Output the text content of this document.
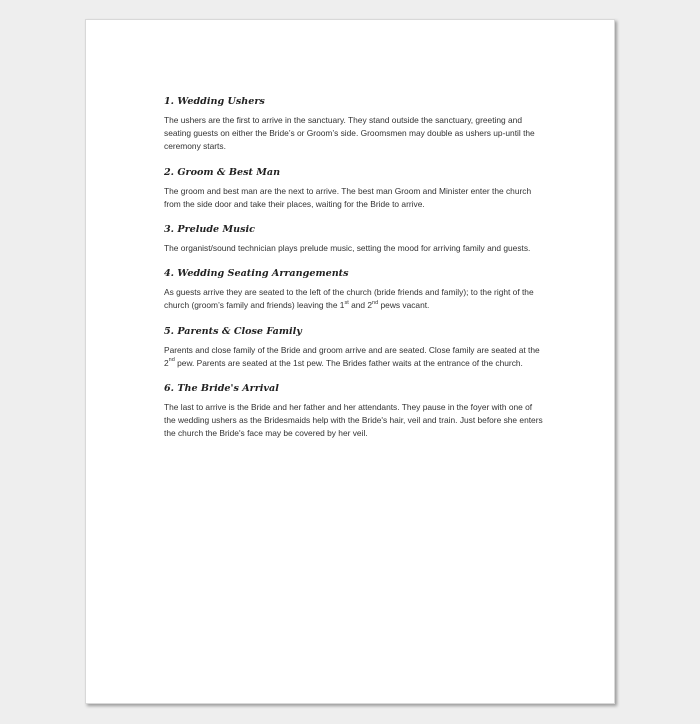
1. Wedding Ushers

The ushers are the first to arrive in the sanctuary. They stand outside the sanctuary, greeting and seating guests on either the Bride’s or Groom’s side. Groomsmen may double as ushers up-until the ceremony starts.

2. Groom & Best Man

The groom and best man are the next to arrive. The best man Groom and Minister enter the church from the side door and take their places, waiting for the Bride to arrive.

3. Prelude Music

The organist/sound technician plays prelude music, setting the mood for arriving family and guests.

4. Wedding Seating Arrangements

As guests arrive they are seated to the left of the church (bride friends and family); to the right of the church (groom’s family and friends) leaving the 1st and 2nd pews vacant.

5. Parents & Close Family

Parents and close family of the Bride and groom arrive and are seated. Close family are seated at the 2nd pew. Parents are seated at the 1st pew. The Brides father waits at the entrance of the church.

6. The Bride's Arrival

The last to arrive is the Bride and her father and her attendants. They pause in the foyer with one of the wedding ushers as the Bridesmaids help with the Bride's hair, veil and train. Just before she enters the church the Bride's face may be covered by her veil.
